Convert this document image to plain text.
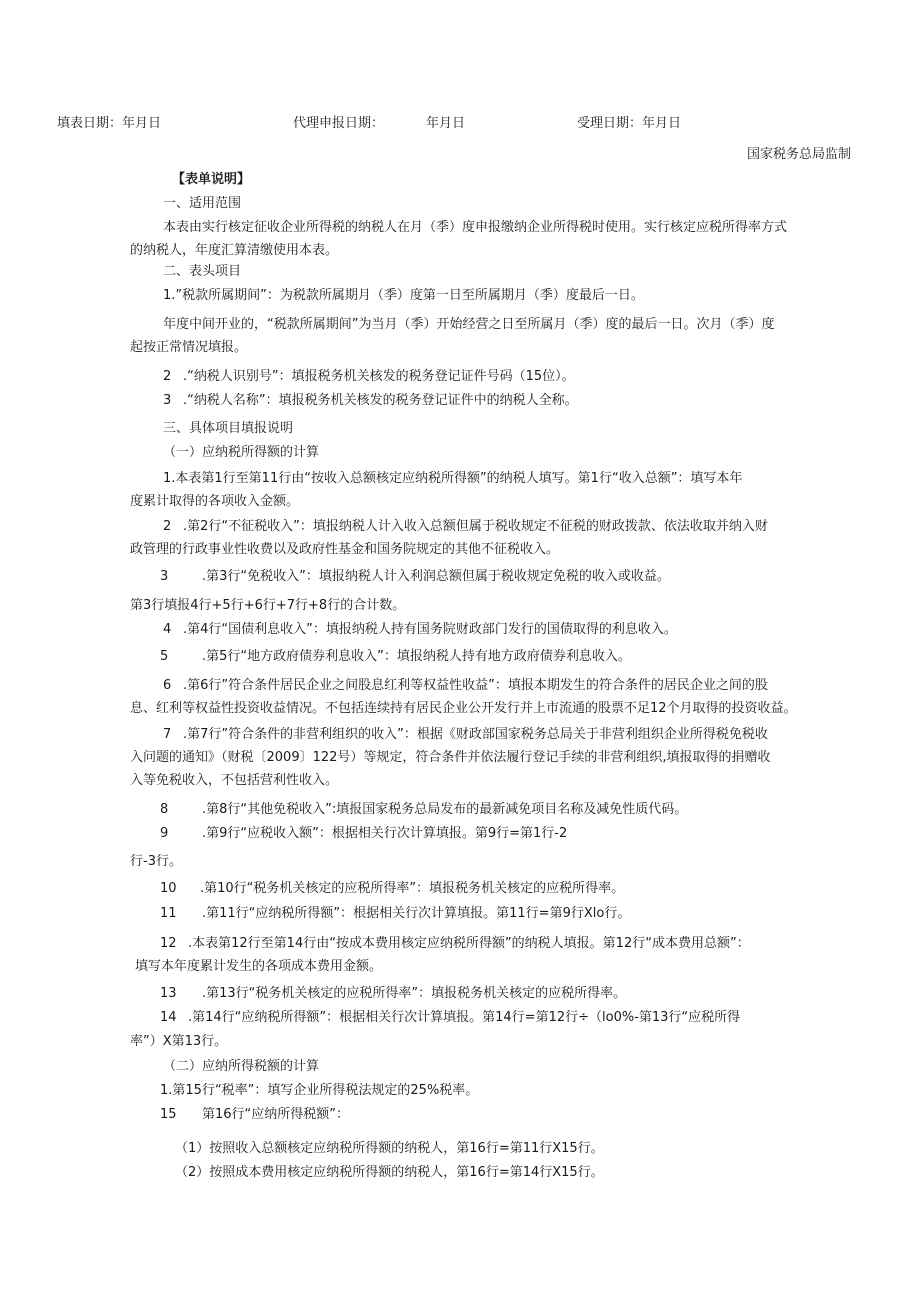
填表日期：年月日	代理申报日期：	年月日	受理日期：年月日
国家税务总局监制
【表单说明】
一、适用范围
本表由实行核定征收企业所得税的纳税人在月（季）度申报缴纳企业所得税时使用。实行核定应税所得率方式
的纳税人，年度汇算清缴使用本表。
二、表头项目
1.”税款所属期间”：为税款所属期月（季）度第一日至所属期月（季）度最后一日。
年度中间开业的，“税款所属期间”为当月（季）开始经营之日至所属月（季）度的最后一日。次月（季）度
起按正常情况填报。
2 .“纳税人识别号”：填报税务机关核发的税务登记证件号码（15位）。
3 .“纳税人名称”：填报税务机关核发的税务登记证件中的纳税人全称。
三、具体项目填报说明
（一）应纳税所得额的计算
1.本表第1行至第11行由“按收入总额核定应纳税所得额”的纳税人填写。第1行“收入总额”：填写本年
度累计取得的各项收入金额。
2 .第2行“不征税收入”：填报纳税人计入收入总额但属于税收规定不征税的财政拨款、依法收取并纳入财
政管理的行政事业性收费以及政府性基金和国务院规定的其他不征税收入。
3	.第3行“免税收入”：填报纳税人计入利润总额但属于税收规定免税的收入或收益。
第3行填报4行+5行+6行+7行+8行的合计数。
4 .第4行“国债利息收入”：填报纳税人持有国务院财政部门发行的国债取得的利息收入。
5	.第5行“地方政府债券利息收入”：填报纳税人持有地方政府债券利息收入。
6 .第6行”符合条件居民企业之间股息红利等权益性收益”：填报本期发生的符合条件的居民企业之间的股
息、红利等权益性投资收益情况。不包括连续持有居民企业公开发行并上市流通的股票不足12个月取得的投资收益。
7 .第7行”符合条件的非营利组织的收入”：根据《财政部国家税务总局关于非营利组织企业所得税免税收
入问题的通知》（财税〔2009〕122号）等规定，符合条件并依法履行登记手续的非营利组织,填报取得的捐赠收
入等免税收入，不包括营利性收入。
8	.第8行“其他免税收入”:填报国家税务总局发布的最新减免项目名称及减免性质代码。
9	.第9行“应税收入额”：根据相关行次计算填报。第9行=第1行-2
行-3行。
10 .第10行“税务机关核定的应税所得率”：填报税务机关核定的应税所得率。
11 .第11行“应纳税所得额”：根据相关行次计算填报。第11行=第9行Xlo行。
12 .本表第12行至第14行由“按成本费用核定应纳税所得额”的纳税人填报。第12行“成本费用总额”：
填写本年度累计发生的各项成本费用金额。
13 .第13行“税务机关核定的应税所得率”：填报税务机关核定的应税所得率。
14 .第14行“应纳税所得额”：根据相关行次计算填报。第14行=第12行÷（lo0%-第13行“应税所得
率”）X第13行。
（二）应纳所得税额的计算
1.第15行“税率”：填写企业所得税法规定的25%税率。
15 第16行“应纳所得税额”：
（1）按照收入总额核定应纳税所得额的纳税人，第16行=第11行X15行。
（2）按照成本费用核定应纳税所得额的纳税人，第16行=第14行X15行。
